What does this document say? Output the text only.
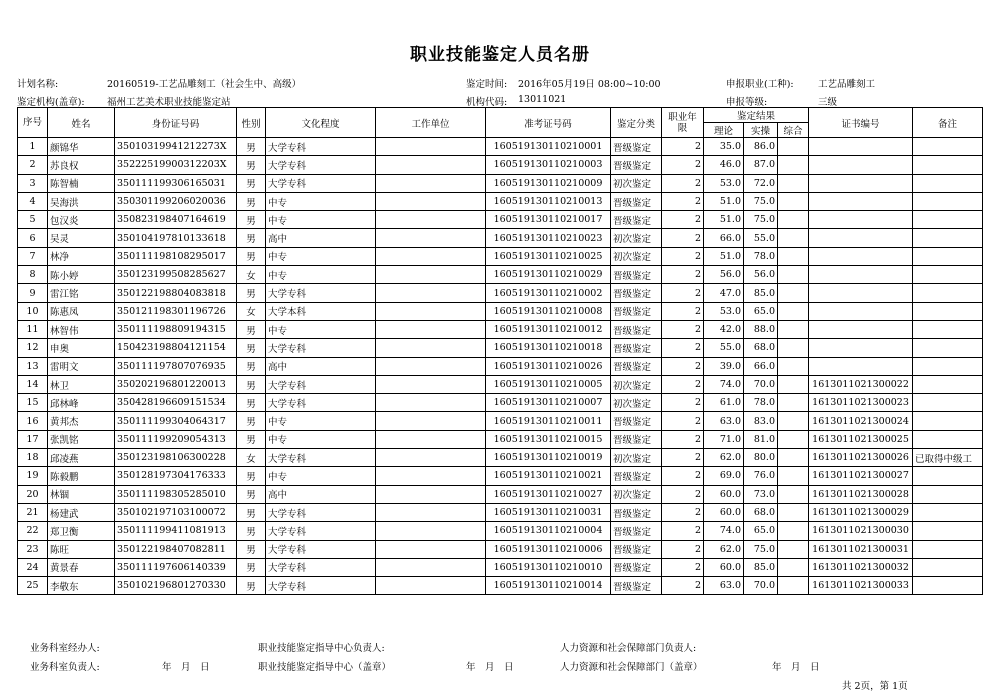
职业技能鉴定人员名册
计划名称:	20160519-工艺品雕刻工（社会生中、高级）	鉴定时间: 2016年05月19日 08:00~10:00	申报职业(工种):	工艺品雕刻工
鉴定机构(盖章): 福州工艺美术职业技能鉴定站	机构代码: 13011021	申报等级:	三级
序号	姓名	身份证号码	性别	文化程度	工作单位	准考证号码	鉴定分类	职业年限	鉴定结果			证书编号	备注
									理论	实操	综合		
1	颜锦华	35010319941212273X	男	大学专科		160519130110210001	晋级鉴定	2	35.0	86.0			
2	苏良权	35222519900312203X	男	大学专科		160519130110210003	晋级鉴定	2	46.0	87.0			
3	陈智楠	350111199306165031	男	大学专科		160519130110210009	初次鉴定	2	53.0	72.0			
4	吴海洪	350301199206020036	男	中专		160519130110210013	晋级鉴定	2	51.0	75.0			
5	包汉炎	350823198407164619	男	中专		160519130110210017	晋级鉴定	2	51.0	75.0			
6	吴灵	350104197810133618	男	高中		160519130110210023	初次鉴定	2	66.0	55.0			
7	林净	350111198108295017	男	中专		160519130110210025	初次鉴定	2	51.0	78.0			
8	陈小婷	350123199508285627	女	中专		160519130110210029	晋级鉴定	2	56.0	56.0			
9	雷江铭	350122198804083818	男	大学专科		160519130110210002	晋级鉴定	2	47.0	85.0			
10	陈惠凤	350121198301196726	女	大学本科		160519130110210008	晋级鉴定	2	53.0	65.0			
11	林智伟	350111198809194315	男	中专		160519130110210012	晋级鉴定	2	42.0	88.0			
12	申奥	150423198804121154	男	大学专科		160519130110210018	晋级鉴定	2	55.0	68.0			
13	雷明文	350111197807076935	男	高中		160519130110210026	晋级鉴定	2	39.0	66.0			
14	林卫	350202196801220013	男	大学专科		160519130110210005	初次鉴定	2	74.0	70.0		161301102130002​2	
15	邱林峰	350428196609151534	男	大学专科		160519130110210007	初次鉴定	2	61.0	78.0		1613011021300023	
16	黄邦杰	350111199304064317	男	中专		160519130110210011	晋级鉴定	2	63.0	83.0		1613011021300024	
17	张凯铭	350111199209054313	男	中专		160519130110210015	晋级鉴定	2	71.0	81.0		1613011021300025	
18	邱凌燕	350123198106300228	女	大学专科		160519130110210019	初次鉴定	2	62.0	80.0		1613011021300026	已取得中级工
19	陈毅鹏	350128197304176333	男	中专		160519130110210021	晋级鉴定	2	69.0	76.0		1613011021300027	
20	林锢	350111198305285010	男	高中		160519130110210027	初次鉴定	2	60.0	73.0		1613011021300028	
21	杨建武	350102197103100072	男	大学专科		160519130110210031	晋级鉴定	2	60.0	68.0		1613011021300029	
22	郑卫衡	350111199411081913	男	大学专科		160519130110210004	晋级鉴定	2	74.0	65.0		1613011021300030	
23	陈旺	350122198407082811	男	大学专科		160519130110210006	晋级鉴定	2	62.0	75.0		1613011021300031	
24	黄景春	350111197606140339	男	大学专科		160519130110210010	晋级鉴定	2	60.0	85.0		1613011021300032	
25	李敬东	350102196801270330	男	大学专科		160519130110210014	晋级鉴定	2	63.0	70.0		1613011021300033	
业务科室经办人:	职业技能鉴定指导中心负责人:	人力资源和社会保障部门负责人:
业务科室负责人:	年　月　日	职业技能鉴定指导中心（盖章）	年　月　日	人力资源和社会保障部门（盖章）	年　月　日
共 2页，第 1页
